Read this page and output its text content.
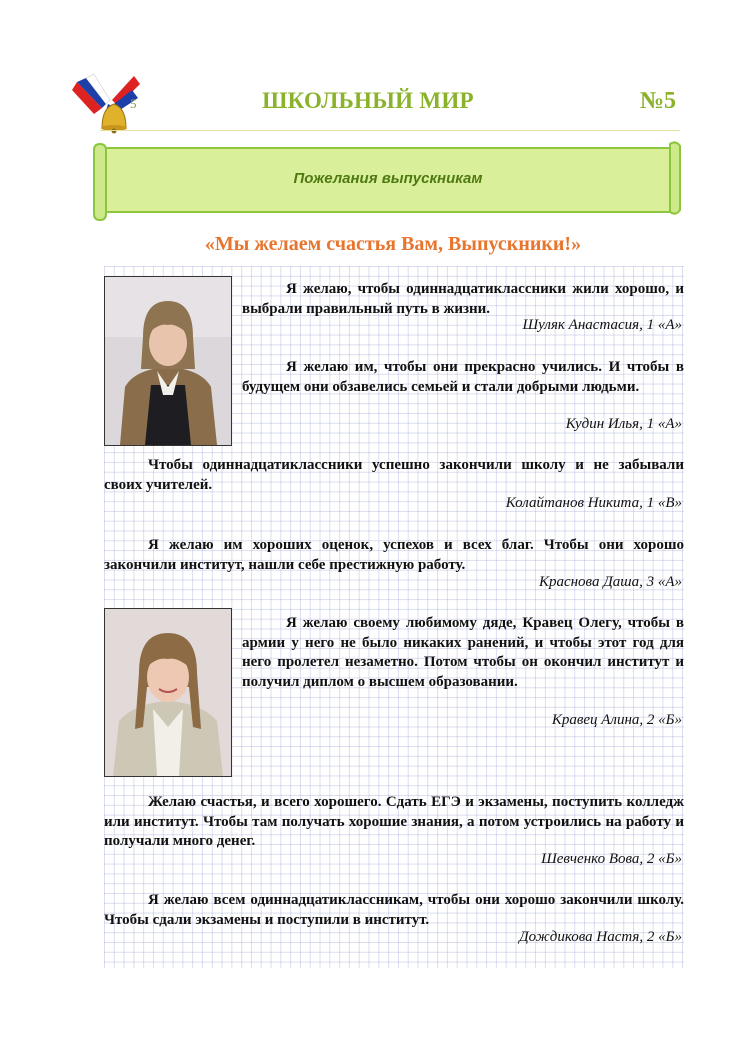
5	ШКОЛЬНЫЙ МИР	№5
Пожелания выпускникам
«Мы желаем счастья Вам, Выпускники!»

Я желаю, чтобы одиннадцатиклассники жили хорошо, и выбрали правильный путь в жизни.

Шуляк Анастасия, 1 «А»

Я желаю им, чтобы они прекрасно учились. И чтобы в будущем они обзавелись семьей и стали добрыми людьми.

Кудин Илья, 1 «А»

Чтобы одиннадцатиклассники успешно закончили школу и не забывали своих учителей.

Колайтанов Никита, 1 «В»

Я желаю им хороших оценок, успехов и всех благ. Чтобы они хорошо закончили институт, нашли себе престижную работу.

Краснова Даша, 3 «А»

Я желаю своему любимому дяде, Кравец Олегу, чтобы в армии у него не было никаких ранений, и чтобы этот год для него пролетел незаметно. Потом чтобы он окончил институт и получил диплом о высшем образовании.

Кравец Алина, 2 «Б»

Желаю счастья, и всего хорошего. Сдать ЕГЭ и экзамены, поступить колледж или институт. Чтобы там получать хорошие знания, а потом устроились на работу и получали много денег.

Шевченко Вова, 2 «Б»

Я желаю всем одиннадцатиклассникам, чтобы они хорошо закончили школу. Чтобы сдали экзамены и поступили в институт.

Дождикова Настя, 2 «Б»
